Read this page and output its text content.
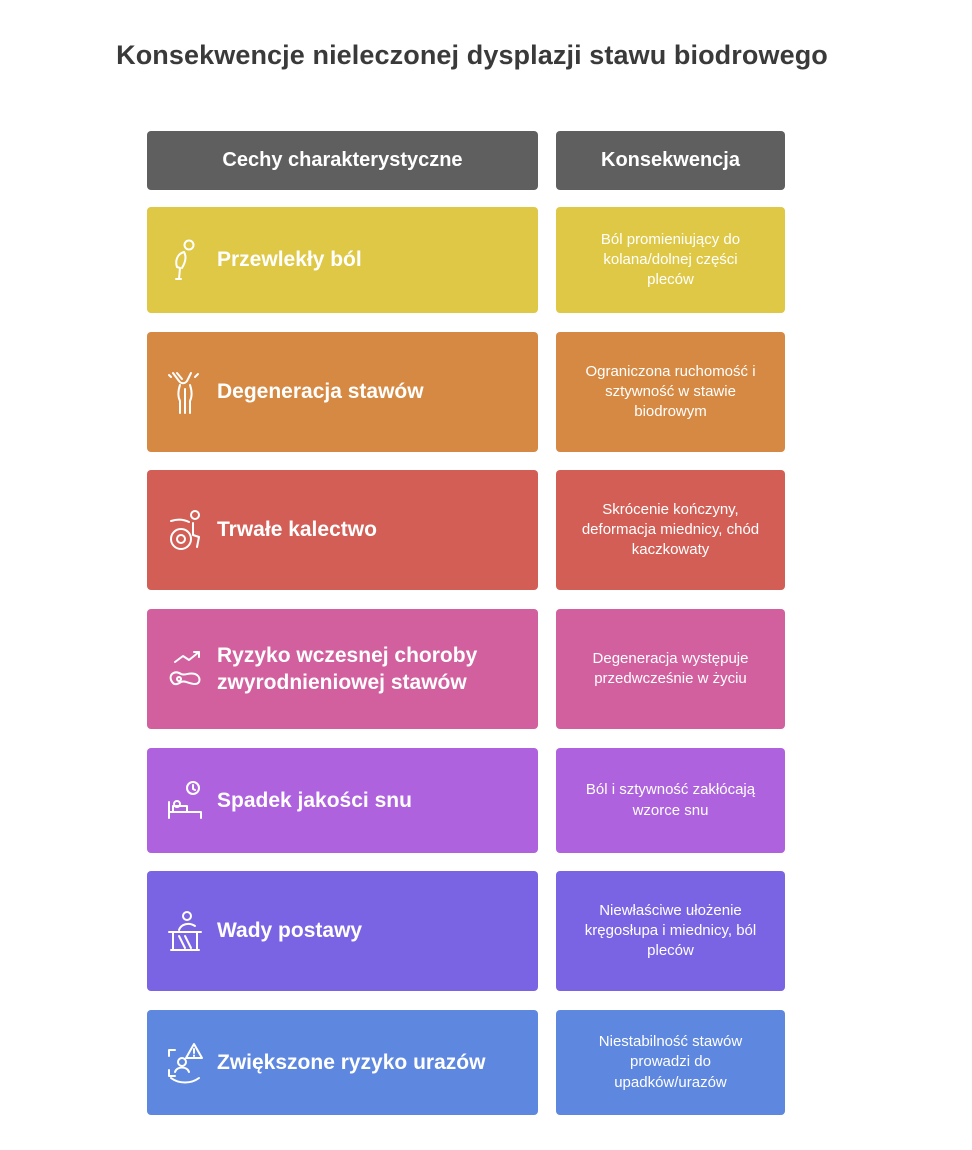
Konsekwencje nieleczonej dysplazji stawu biodrowego
Cechy charakterystyczne	Konsekwencja
Przewlekły ból
Ból promieniujący do kolana/dolnej części pleców
Degeneracja stawów
Ograniczona ruchomość i sztywność w stawie biodrowym
Trwałe kalectwo
Skrócenie kończyny, deformacja miednicy, chód kaczkowaty
Ryzyko wczesnej choroby zwyrodnieniowej stawów
Degeneracja występuje przedwcześnie w życiu
Spadek jakości snu	Ból i sztywność zakłócają wzorce snu
Wady postawy
Niewłaściwe ułożenie kręgosłupa i miednicy, ból pleców
Zwiększone ryzyko urazów
Niestabilność stawów prowadzi do upadków/urazów
